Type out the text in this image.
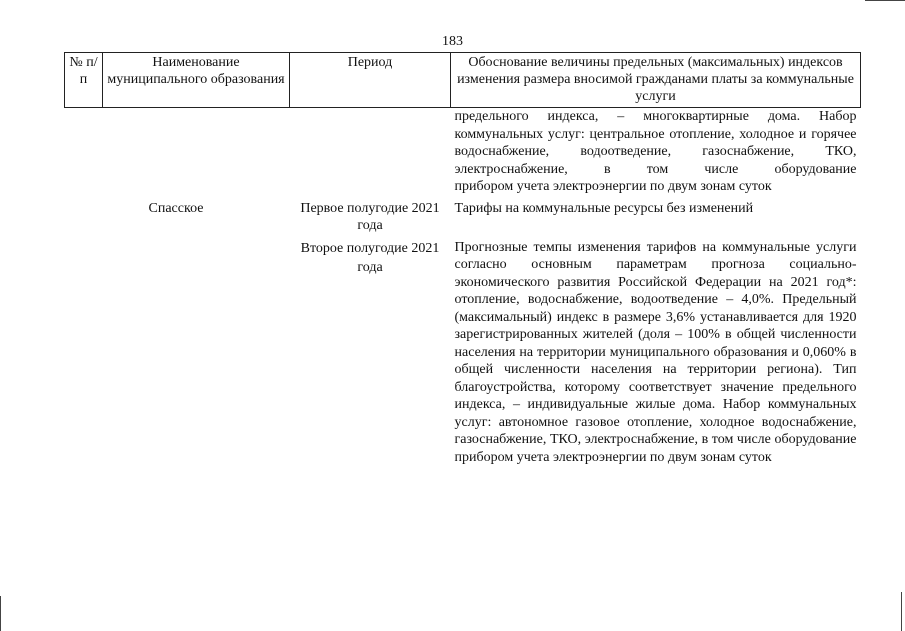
183
№ п/п	Наименование муниципального образования	Период	Обоснование величины предельных (максимальных) индексов изменения размера вносимой гражданами платы за коммунальные услуги
			предельного индекса, – многоквартирные дома. Набор коммунальных услуг: центральное отопление, холодное и горячее водоснабжение, водоотведение, газоснабжение, ТКО, электроснабжение, в том числе оборудование
прибором учета электроэнергии по двум зонам суток

	Спасское	Первое полугодие 2021 года	Тарифы на коммунальные ресурсы без изменений
		Второе полугодие 2021 года	Прогнозные темпы изменения тарифов на коммунальные услуги согласно основным параметрам прогноза социально-экономического развития Российской Федерации на 2021 год*: отопление, водоснабжение, водоотведение – 4,0%. Предельный (максимальный) индекс в размере 3,6% устанавливается для 1920 зарегистрированных жителей (доля – 100% в общей численности населения на территории муниципального образования и 0,060% в общей численности населения на территории региона). Тип благоустройства, которому соответствует значение предельного индекса, – индивидуальные жилые дома. Набор коммунальных услуг: автономное газовое отопление, холодное водоснабжение, газоснабжение, ТКО, электроснабжение, в том числе оборудование прибором учета электроэнергии по двум зонам суток
